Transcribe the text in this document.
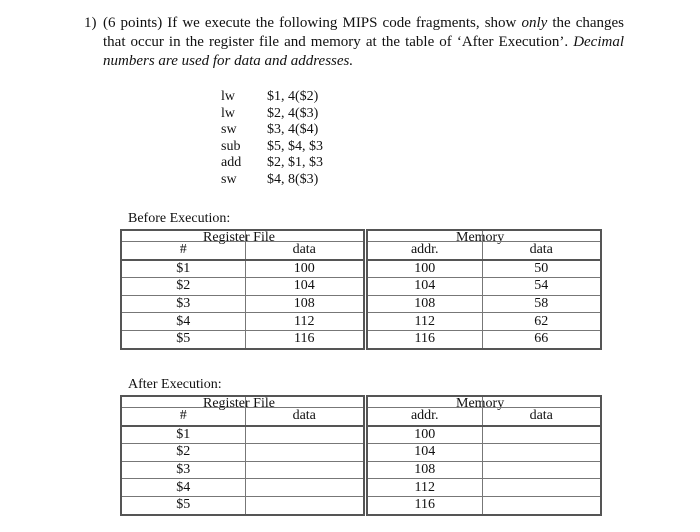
1) (6 points) If we execute the following MIPS code fragments, show only the changes that occur in the register file and memory at the table of ‘After Execution’. Decimal numbers are used for data and addresses.
lw	$1, 4($2)
lw	$2, 4($3)
sw	$3, 4($4)
sub	$5, $4, $3
add	$2, $1, $3
sw	$4, 8($3)
Before Execution:
Register File	Memory

#	data
$1	100
$2	104
$3	108
$4	112
$5	116

addr.	data
100	50
104	54
108	58
112	62
116	66
After Execution:
Register File	Memory

#	data
$1	
$2	
$3	
$4	
$5	

addr.	data
100	
104	
108	
112	
116	
